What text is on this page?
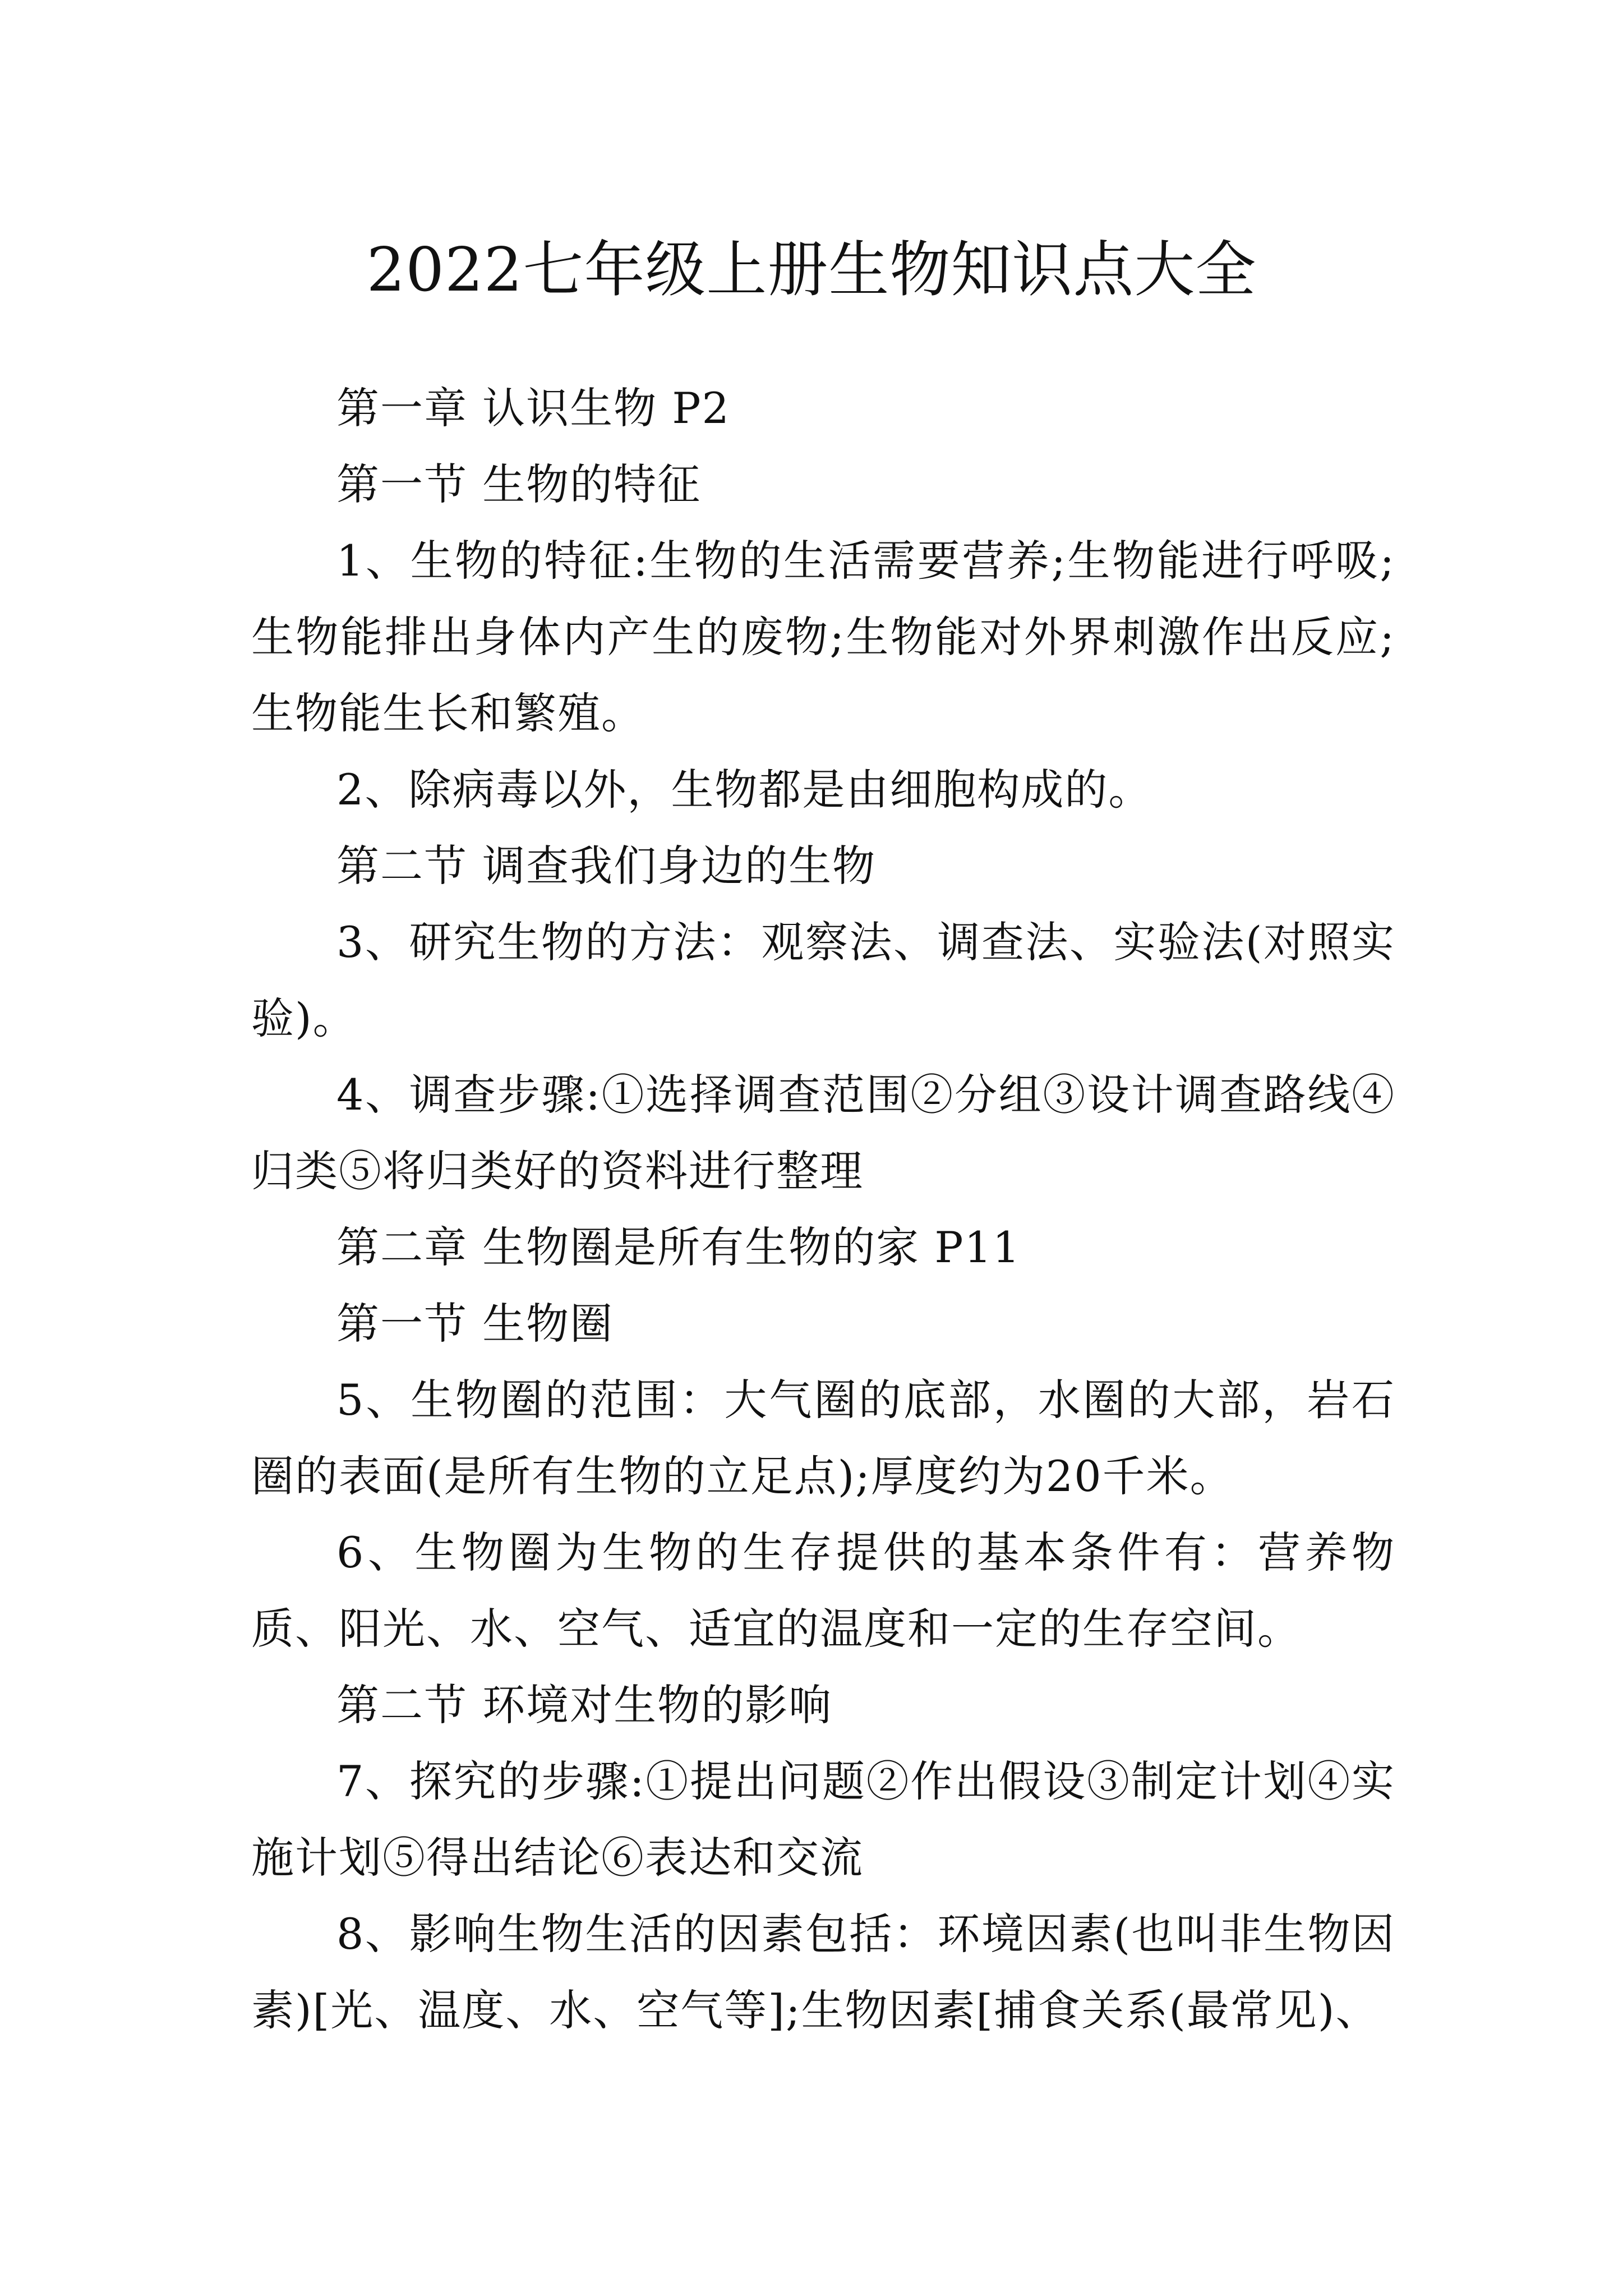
2022七年级上册生物知识点大全

第一章 认识生物 P2

第一节 生物的特征

1、生物的特征:生物的生活需要营养;生物能进行呼吸;生物能排出身体内产生的废物;生物能对外界刺激作出反应;生物能生长和繁殖。

2、除病毒以外，生物都是由细胞构成的。

第二节 调查我们身边的生物

3、研究生物的方法：观察法、调查法、实验法(对照实验)。

4、调查步骤:①选择调查范围②分组③设计调查路线④归类⑤将归类好的资料进行整理

第二章 生物圈是所有生物的家 P11

第一节 生物圈

5、生物圈的范围：大气圈的底部，水圈的大部，岩石圈的表面(是所有生物的立足点);厚度约为20千米。

6、生物圈为生物的生存提供的基本条件有：营养物质、阳光、水、空气、适宜的温度和一定的生存空间。

第二节 环境对生物的影响

7、探究的步骤:①提出问题②作出假设③制定计划④实施计划⑤得出结论⑥表达和交流

8、影响生物生活的因素包括：环境因素(也叫非生物因素)[光、温度、水、空气等];生物因素[捕食关系(最常见)、
